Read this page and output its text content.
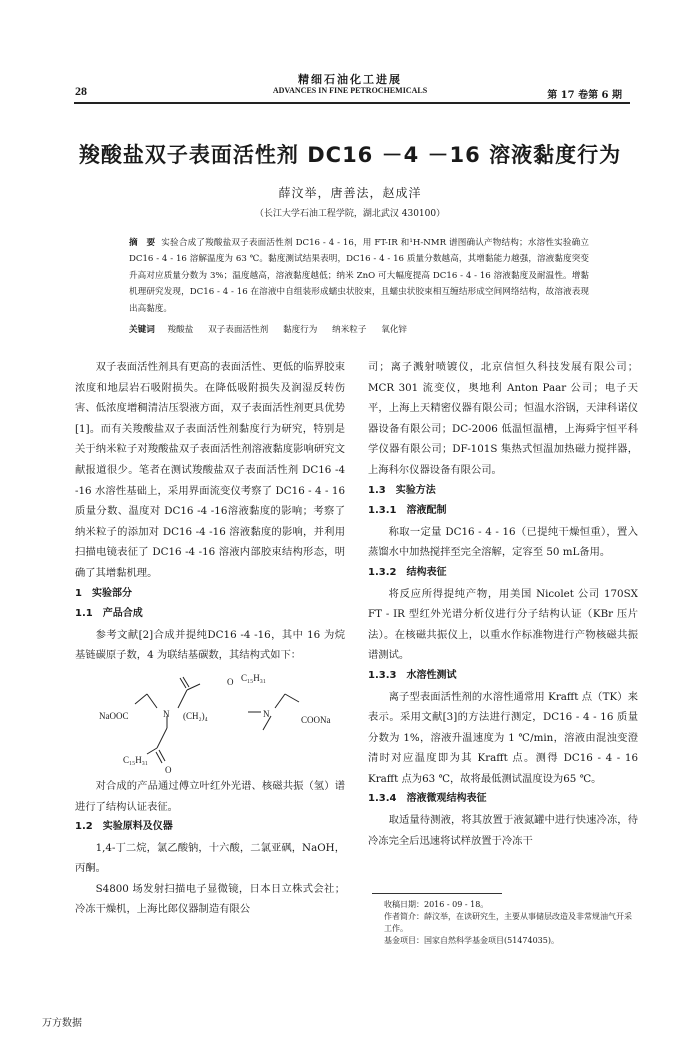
精细石油化工进展
ADVANCES IN FINE PETROCHEMICALS
28	第 17 卷第 6 期
羧酸盐双子表面活性剂 DC16 －4 －16 溶液黏度行为
薛汶举，唐善法，赵成洋
（长江大学石油工程学院，湖北武汉 430100）
摘　要 实验合成了羧酸盐双子表面活性剂 DC16 - 4 - 16，用 FT-IR 和¹H-NMR 谱图确认产物结构；水溶性实验确立 DC16 - 4 - 16 溶解温度为 63 ℃。黏度测试结果表明，DC16 - 4 - 16 质量分数越高，其增黏能力越强，溶液黏度突变升高对应质量分数为 3%；温度越高，溶液黏度越低；纳米 ZnO 可大幅度提高 DC16 - 4 - 16 溶液黏度及耐温性。增黏机理研究发现，DC16 - 4 - 16 在溶液中自组装形成蠕虫状胶束，且蠕虫状胶束相互缠结形成空间网络结构，故溶液表现出高黏度。
关键词 羧酸盐 双子表面活性剂 黏度行为 纳米粒子 氧化锌

双子表面活性剂具有更高的表面活性、更低的临界胶束浓度和地层岩石吸附损失。在降低吸附损失及润湿反转伤害、低浓度增稠清洁压裂液方面，双子表面活性剂更具优势[1]。而有关羧酸盐双子表面活性剂黏度行为研究，特别是关于纳米粒子对羧酸盐双子表面活性剂溶液黏度影响研究文献报道很少。笔者在测试羧酸盐双子表面活性剂 DC16 -4 -16 水溶性基础上，采用界面流变仪考察了 DC16 - 4 - 16 质量分数、温度对 DC16 -4 -16溶液黏度的影响；考察了纳米粒子的添加对 DC16 -4 -16 溶液黏度的影响，并利用扫描电镜表征了 DC16 -4 -16 溶液内部胶束结构形态，明确了其增黏机理。

1　实验部分

1.1　产品合成

参考文献[2]合成并提纯DC16 -4 -16，其中 16 为烷基链碳原子数，4 为联结基碳数，其结构式如下：

O C₁₅H₃₁
NaOOC	N (CH₂)₄	N
COONa
C₁₅H₃₁
O

对合成的产品通过傅立叶红外光谱、核磁共振（氢）谱进行了结构认证表征。

1.2　实验原料及仪器

1,4-丁二烷，氯乙酸钠，十六酸，二氯亚砜，NaOH，丙酮。

S4800 场发射扫描电子显微镜，日本日立株式会社；冷冻干燥机，上海比郎仪器制造有限公

司；离子溅射喷镀仪，北京信恒久科技发展有限公司；MCR 301 流变仪，奥地利 Anton Paar 公司；电子天平，上海上天精密仪器有限公司；恒温水浴锅，天津科诺仪器设备有限公司；DC-2006 低温恒温槽，上海舜宇恒平科学仪器有限公司；DF-101S 集热式恒温加热磁力搅拌器，上海科尔仪器设备有限公司。

1.3　实验方法

1.3.1　溶液配制

称取一定量 DC16 - 4 - 16（已提纯干燥恒重），置入蒸馏水中加热搅拌至完全溶解，定容至 50 mL备用。

1.3.2　结构表征

将反应所得提纯产物，用美国 Nicolet 公司 170SX FT - IR 型红外光谱分析仪进行分子结构认证（KBr 压片法）。在核磁共振仪上，以重水作标准物进行产物核磁共振谱测试。

1.3.3　水溶性测试

离子型表面活性剂的水溶性通常用 Krafft 点（TK）来表示。采用文献[3]的方法进行测定，DC16 - 4 - 16 质量分数为 1%，溶液升温速度为 1 ℃/min，溶液由混浊变澄清时对应温度即为其 Krafft 点。测得 DC16 - 4 - 16 Krafft 点为63 ℃，故将最低测试温度设为65 ℃。

1.3.4　溶液微观结构表征

取适量待测液，将其放置于液氮罐中进行快速冷冻，待冷冻完全后迅速将试样放置于冷冻干

收稿日期：2016 - 09 - 18。
作者简介：薛汶举，在读研究生，主要从事储层改造及非常规油气开采工作。
基金项目：国家自然科学基金项目(51474035)。
万方数据
